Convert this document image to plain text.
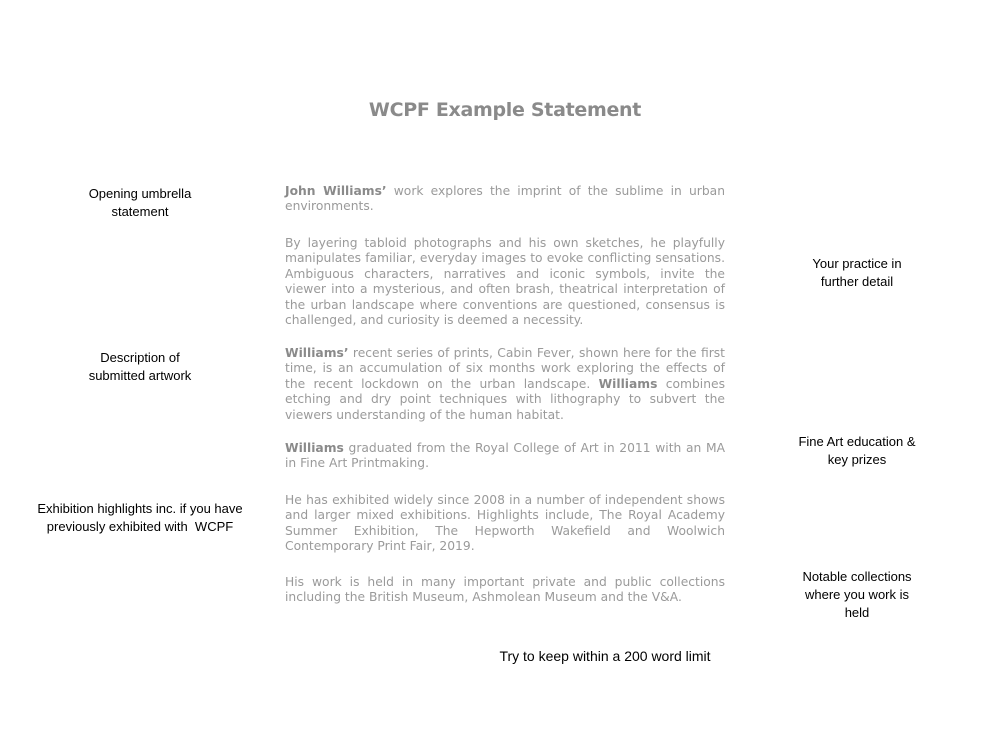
WCPF Example Statement

John Williams’ work explores the imprint of the sublime in urban environments.

By layering tabloid photographs and his own sketches, he playfully manipulates familiar, everyday images to evoke conflicting sensations. Ambiguous characters, narratives and iconic symbols, invite the viewer into a mysterious, and often brash, theatrical interpretation of the urban landscape where conventions are questioned, consensus is challenged, and curiosity is deemed a necessity.

Williams’ recent series of prints, Cabin Fever, shown here for the first time, is an accumulation of six months work exploring the effects of the recent lockdown on the urban landscape. Williams combines etching and dry point techniques with lithography to subvert the viewers understanding of the human habitat.

Williams graduated from the Royal College of Art in 2011 with an MA in Fine Art Printmaking.

He has exhibited widely since 2008 in a number of independent shows and larger mixed exhibitions. Highlights include, The Royal Academy Summer Exhibition, The Hepworth Wakefield and Woolwich Contemporary Print Fair, 2019.

His work is held in many important private and public collections including the British Museum, Ashmolean Museum and the V&A.

Opening umbrella
statement
Description of
submitted artwork
Exhibition highlights inc. if you have
previously exhibited with  WCPF
Your practice in
further detail
Fine Art education &
key prizes
Notable collections
where you work is
held
Try to keep within a 200 word limit
